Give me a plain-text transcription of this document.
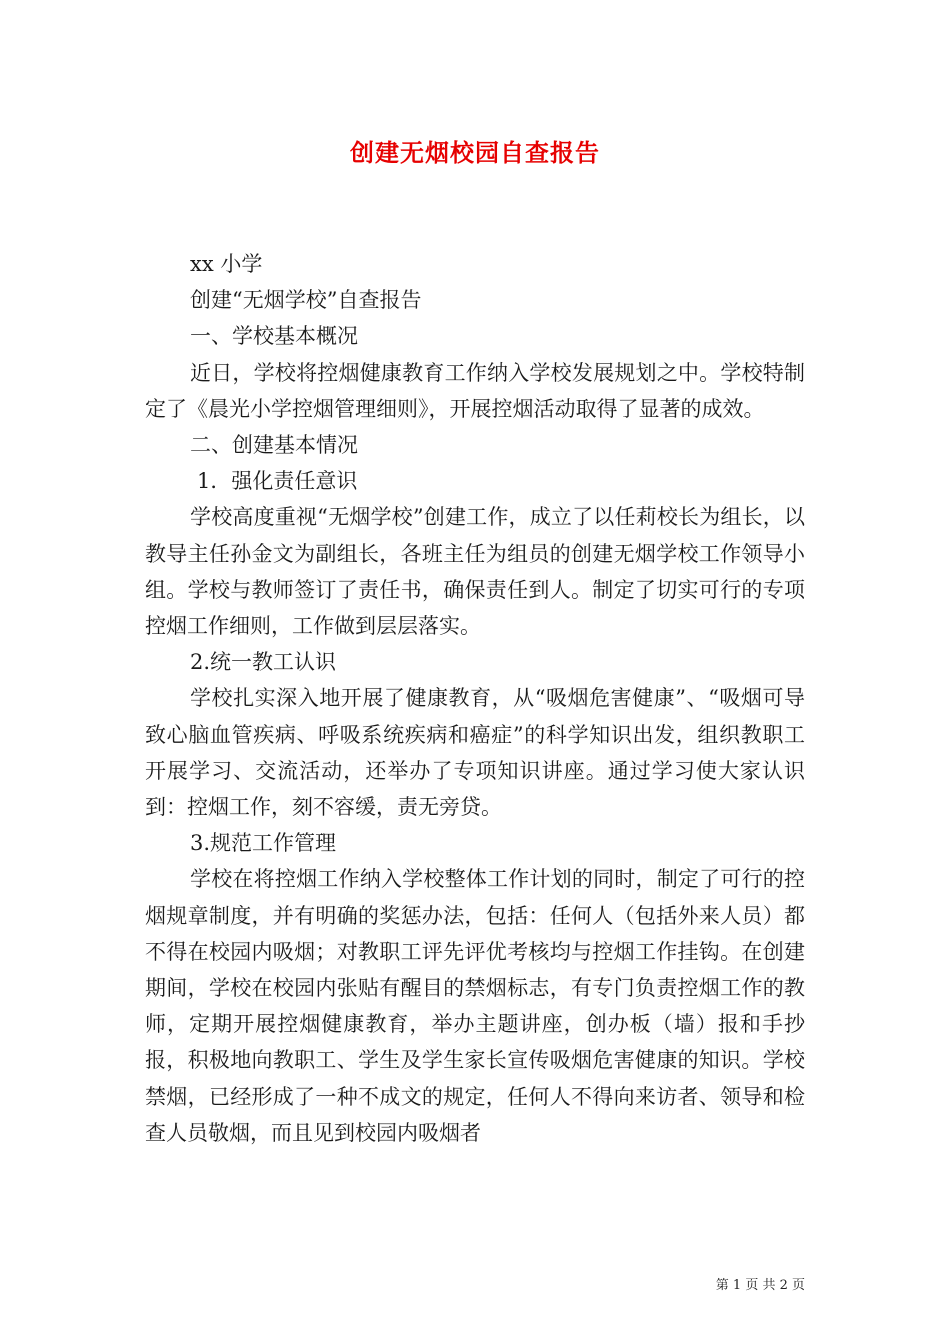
创建无烟校园自查报告

xx 小学

创建“无烟学校”自查报告

一、学校基本概况

近日，学校将控烟健康教育工作纳入学校发展规划之中。学校特制定了《晨光小学控烟管理细则》，开展控烟活动取得了显著的成效。

二、创建基本情况

1．强化责任意识

学校高度重视“无烟学校”创建工作，成立了以任莉校长为组长，以教导主任孙金文为副组长，各班主任为组员的创建无烟学校工作领导小组。学校与教师签订了责任书，确保责任到人。制定了切实可行的专项控烟工作细则，工作做到层层落实。

2.统一教工认识

学校扎实深入地开展了健康教育，从“吸烟危害健康”、“吸烟可导致心脑血管疾病、呼吸系统疾病和癌症”的科学知识出发，组织教职工开展学习、交流活动，还举办了专项知识讲座。通过学习使大家认识到：控烟工作，刻不容缓，责无旁贷。

3.规范工作管理

学校在将控烟工作纳入学校整体工作计划的同时，制定了可行的控烟规章制度，并有明确的奖惩办法，包括：任何人（包括外来人员）都不得在校园内吸烟；对教职工评先评优考核均与控烟工作挂钩。在创建期间，学校在校园内张贴有醒目的禁烟标志，有专门负责控烟工作的教师，定期开展控烟健康教育，举办主题讲座，创办板（墙）报和手抄报，积极地向教职工、学生及学生家长宣传吸烟危害健康的知识。学校禁烟，已经形成了一种不成文的规定，任何人不得向来访者、领导和检查人员敬烟，而且见到校园内吸烟者

第 1 页 共 2 页
